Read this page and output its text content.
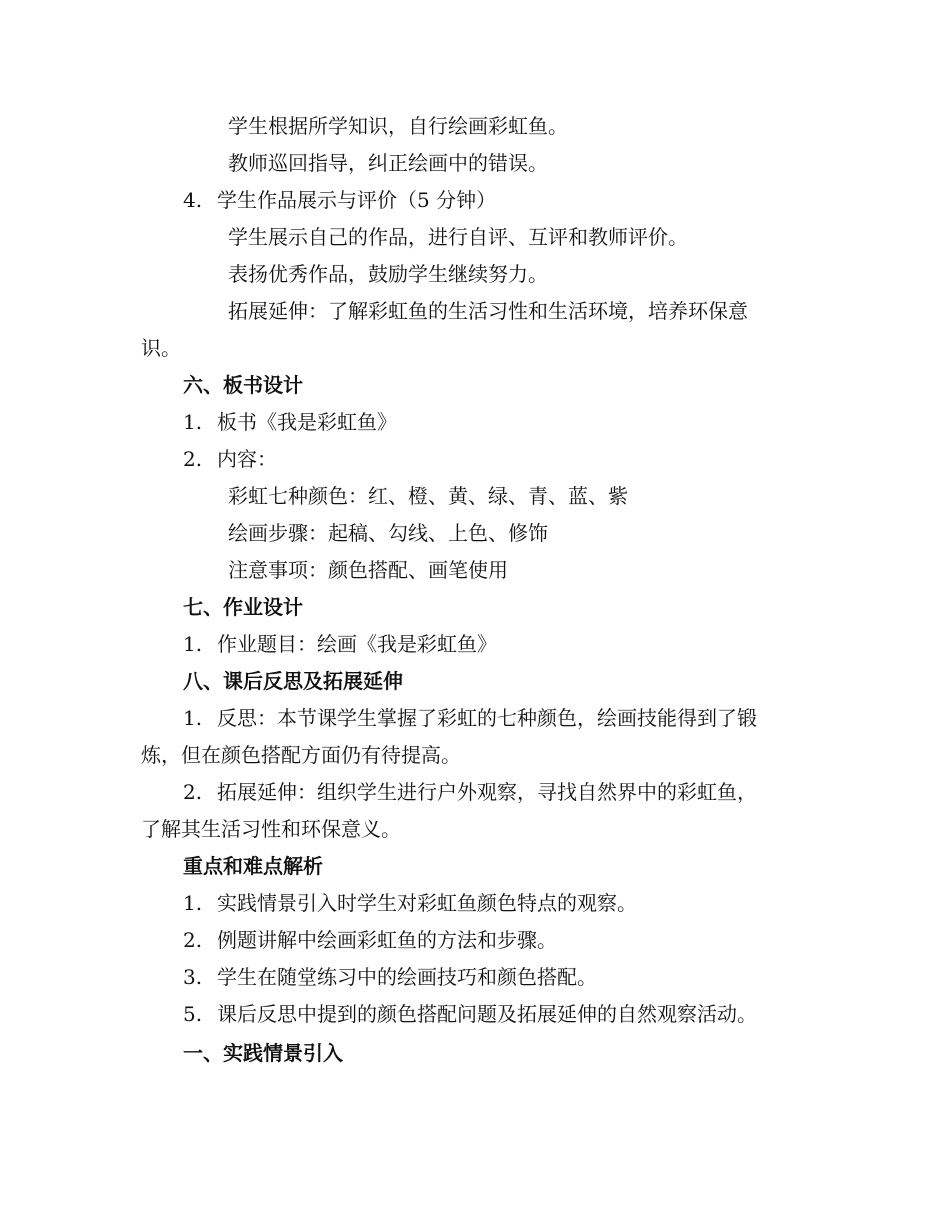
学生根据所学知识，自行绘画彩虹鱼。
教师巡回指导，纠正绘画中的错误。
4. 学生作品展示与评价（5 分钟）
学生展示自己的作品，进行自评、互评和教师评价。
表扬优秀作品，鼓励学生继续努力。
拓展延伸：了解彩虹鱼的生活习性和生活环境，培养环保意
识。
六、板书设计
1. 板书《我是彩虹鱼》
2. 内容：
彩虹七种颜色：红、橙、黄、绿、青、蓝、紫
绘画步骤：起稿、勾线、上色、修饰
注意事项：颜色搭配、画笔使用
七、作业设计
1. 作业题目：绘画《我是彩虹鱼》
八、课后反思及拓展延伸
1. 反思：本节课学生掌握了彩虹的七种颜色，绘画技能得到了锻
炼，但在颜色搭配方面仍有待提高。
2. 拓展延伸：组织学生进行户外观察，寻找自然界中的彩虹鱼，
了解其生活习性和环保意义。
重点和难点解析
1. 实践情景引入时学生对彩虹鱼颜色特点的观察。
2. 例题讲解中绘画彩虹鱼的方法和步骤。
3. 学生在随堂练习中的绘画技巧和颜色搭配。
5. 课后反思中提到的颜色搭配问题及拓展延伸的自然观察活动。
一、实践情景引入
